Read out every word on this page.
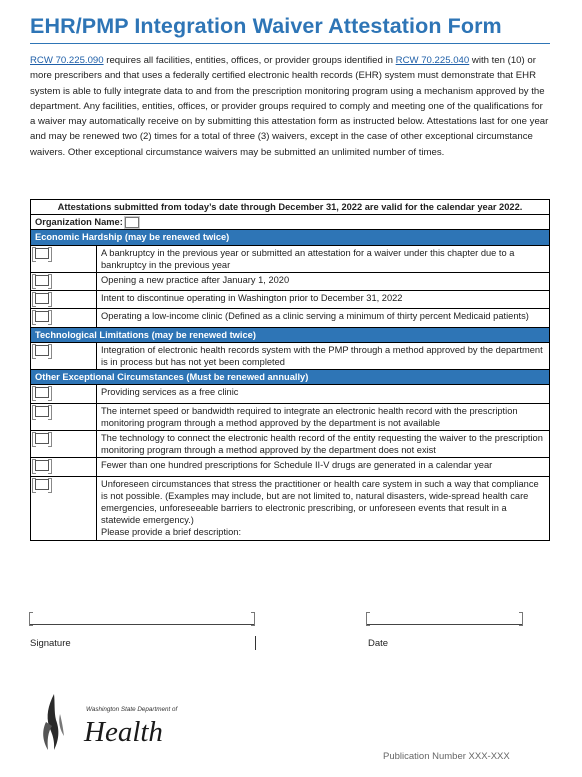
EHR/PMP Integration Waiver Attestation Form
RCW 70.225.090 requires all facilities, entities, offices, or provider groups identified in RCW 70.225.040 with ten (10) or more prescribers and that uses a federally certified electronic health records (EHR) system must demonstrate that EHR system is able to fully integrate data to and from the prescription monitoring program using a mechanism approved by the department. Any facilities, entities, offices, or provider groups required to comply and meeting one of the qualifications for a waiver may automatically receive on by submitting this attestation form as instructed below. Attestations last for one year and may be renewed two (2) times for a total of three (3) waivers, except in the case of other exceptional circumstance waivers. Other exceptional circumstance waivers may be submitted an unlimited number of times.
Attestations submitted from today’s date through December 31, 2022 are valid for the calendar year 2022.	
Organization Name:	
Economic Hardship (may be renewed twice)	
	A bankruptcy in the previous year or submitted an attestation for a waiver under this chapter due to a bankruptcy in the previous year
	Opening a new practice after January 1, 2020
	Intent to discontinue operating in Washington prior to December 31, 2022
	Operating a low-income clinic (Defined as a clinic serving a minimum of thirty percent Medicaid patients)
Technological Limitations (may be renewed twice)	
	Integration of electronic health records system with the PMP through a method approved by the department is in process but has not yet been completed
Other Exceptional Circumstances (Must be renewed annually)	
	Providing services as a free clinic
	The internet speed or bandwidth required to integrate an electronic health record with the prescription monitoring program through a method approved by the department is not available
	The technology to connect the electronic health record of the entity requesting the waiver to the prescription monitoring program through a method approved by the department does not exist
	Fewer than one hundred prescriptions for Schedule II-V drugs are generated in a calendar year

	Unforeseen circumstances that stress the practitioner or health care system in such a way that compliance is not possible. (Examples may include, but are not limited to, natural disasters, wide-spread health care emergencies, unforeseeable barriers to electronic prescribing, or unforeseen events that result in a statewide emergency.)
Please provide a brief description:
Signature	Date
Washington State Department of
Health
Publication Number XXX-XXX
